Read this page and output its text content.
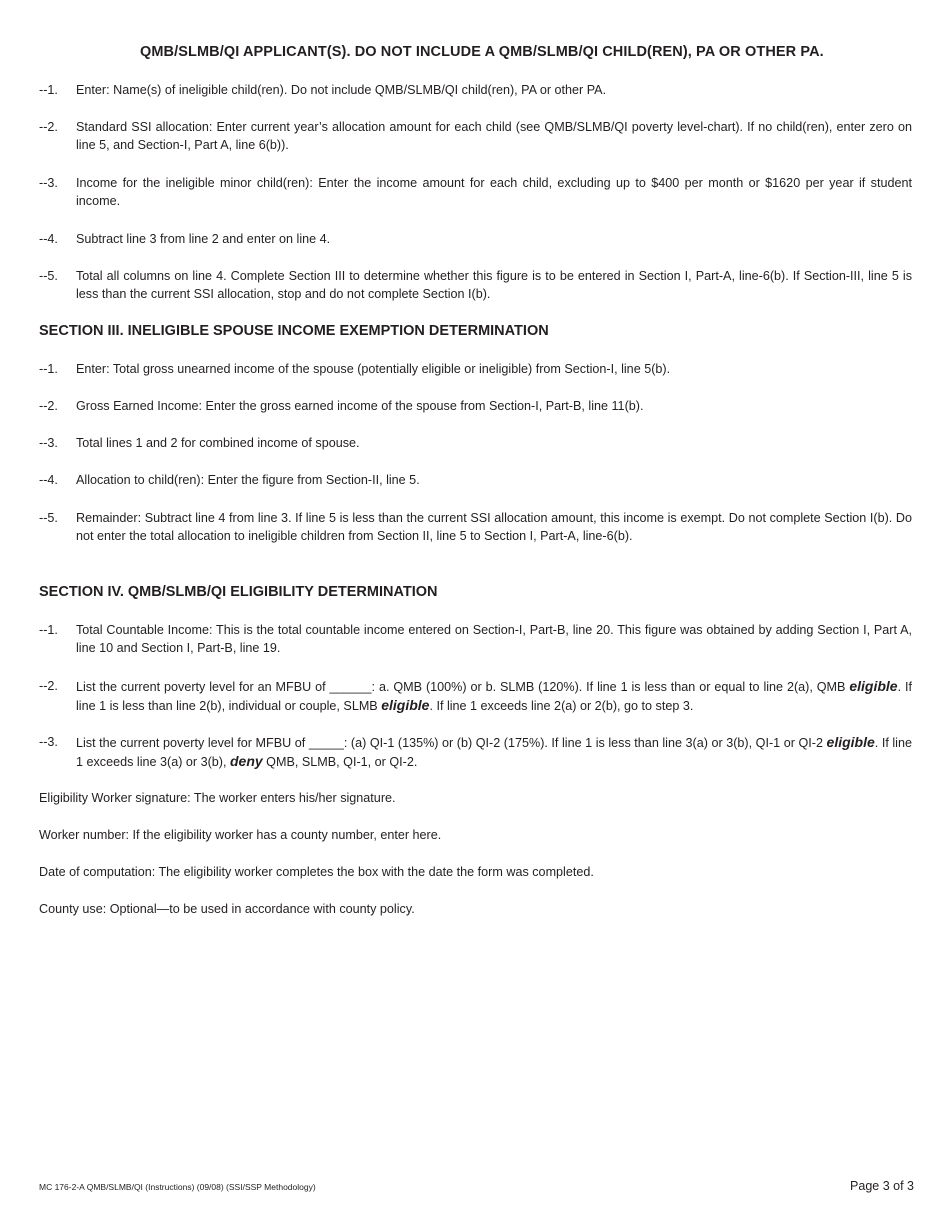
QMB/SLMB/QI APPLICANT(S). DO NOT INCLUDE A QMB/SLMB/QI CHILD(REN), PA OR OTHER PA.
--1. Enter: Name(s) of ineligible child(ren). Do not include QMB/SLMB/QI child(ren), PA or other PA.
--2. Standard SSI allocation: Enter current year’s allocation amount for each child (see QMB/SLMB/QI poverty level-chart). If no child(ren), enter zero on line 5, and Section-I, Part A, line 6(b)).
--3. Income for the ineligible minor child(ren): Enter the income amount for each child, excluding up to $400 per month or $1620 per year if student income.
--4. Subtract line 3 from line 2 and enter on line 4.
--5. Total all columns on line 4. Complete Section III to determine whether this figure is to be entered in Section I, Part-A, line-6(b). If Section-III, line 5 is less than the current SSI allocation, stop and do not complete Section I(b).
SECTION III. INELIGIBLE SPOUSE INCOME EXEMPTION DETERMINATION
--1. Enter: Total gross unearned income of the spouse (potentially eligible or ineligible) from Section-I, line 5(b).
--2. Gross Earned Income: Enter the gross earned income of the spouse from Section-I, Part-B, line 11(b).
--3. Total lines 1 and 2 for combined income of spouse.
--4. Allocation to child(ren): Enter the figure from Section-II, line 5.
--5. Remainder: Subtract line 4 from line 3. If line 5 is less than the current SSI allocation amount, this income is exempt. Do not complete Section I(b). Do not enter the total allocation to ineligible children from Section II, line 5 to Section I, Part-A, line-6(b).
SECTION IV. QMB/SLMB/QI ELIGIBILITY DETERMINATION
--1. Total Countable Income: This is the total countable income entered on Section-I, Part-B, line 20. This figure was obtained by adding Section I, Part A, line 10 and Section I, Part-B, line 19.
--2. List the current poverty level for an MFBU of ______: a. QMB (100%) or b. SLMB (120%). If line 1 is less than or equal to line 2(a), QMB eligible. If line 1 is less than line 2(b), individual or couple, SLMB eligible. If line 1 exceeds line 2(a) or 2(b), go to step 3.
--3. List the current poverty level for MFBU of _____: (a) QI-1 (135%) or (b) QI-2 (175%). If line 1 is less than line 3(a) or 3(b), QI-1 or QI-2 eligible. If line 1 exceeds line 3(a) or 3(b), deny QMB, SLMB, QI-1, or QI-2.
Eligibility Worker signature: The worker enters his/her signature.
Worker number: If the eligibility worker has a county number, enter here.
Date of computation: The eligibility worker completes the box with the date the form was completed.
County use: Optional—to be used in accordance with county policy.
MC 176-2-A QMB/SLMB/QI (Instructions) (09/08) (SSI/SSP Methodology)	Page 3 of 3
